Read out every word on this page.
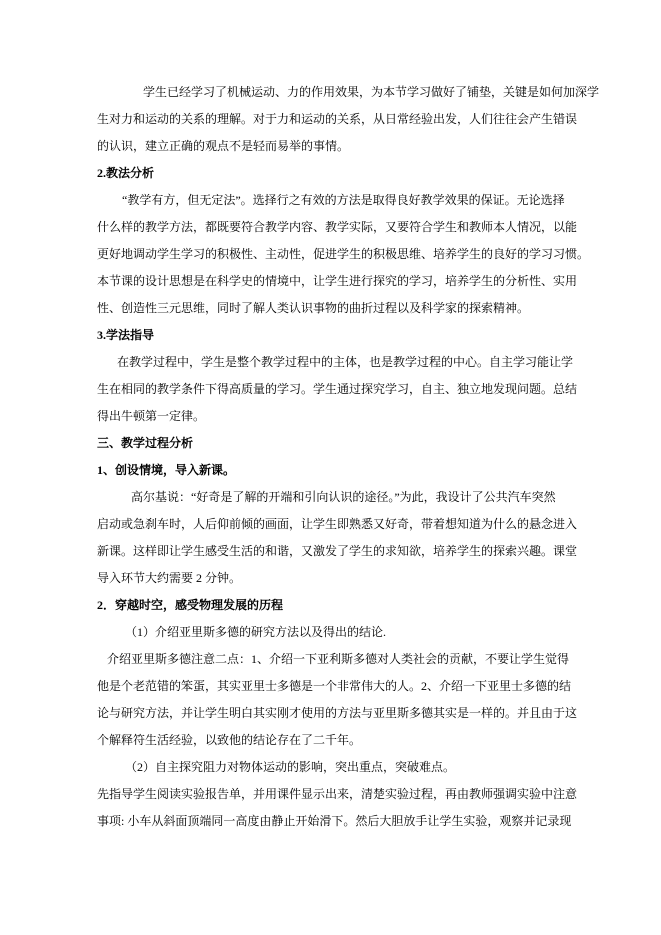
学生已经学习了机械运动、力的作用效果，为本节学习做好了铺垫，关键是如何加深学
生对力和运动的关系的理解。对于力和运动的关系，从日常经验出发，人们往往会产生错误
的认识，建立正确的观点不是轻而易举的事情。
2.教法分析
“教学有方，但无定法”。选择行之有效的方法是取得良好教学效果的保证。无论选择
什么样的教学方法，都既要符合教学内容、教学实际，又要符合学生和教师本人情况，以能
更好地调动学生学习的积极性、主动性，促进学生的积极思维、培养学生的良好的学习习惯。
本节课的设计思想是在科学史的情境中，让学生进行探究的学习，培养学生的分析性、实用
性、创造性三元思维，同时了解人类认识事物的曲折过程以及科学家的探索精神。
3.学法指导
在教学过程中，学生是整个教学过程中的主体，也是教学过程的中心。自主学习能让学
生在相同的教学条件下得高质量的学习。学生通过探究学习，自主、独立地发现问题。总结
得出牛顿第一定律。
三、教学过程分析
1、创设情境，导入新课。
高尔基说：“好奇是了解的开端和引向认识的途径。”为此，我设计了公共汽车突然
启动或急刹车时，人后仰前倾的画面，让学生即熟悉又好奇，带着想知道为什么的悬念进入
新课。这样即让学生感受生活的和谐，又激发了学生的求知欲，培养学生的探索兴趣。课堂
导入环节大约需要 2 分钟。
2．穿越时空，感受物理发展的历程
（1）介绍亚里斯多德的研究方法以及得出的结论.
介绍亚里斯多德注意二点：1、介绍一下亚利斯多德对人类社会的贡献，不要让学生觉得
他是个老范错的笨蛋，其实亚里士多德是一个非常伟大的人。2、介绍一下亚里士多德的结
论与研究方法，并让学生明白其实刚才使用的方法与亚里斯多德其实是一样的。并且由于这
个解释符生活经验，以致他的结论存在了二千年。
（2）自主探究阻力对物体运动的影响，突出重点，突破难点。
先指导学生阅读实验报告单，并用课件显示出来，清楚实验过程，再由教师强调实验中注意
事项: 小车从斜面顶端同一高度由静止开始滑下。然后大胆放手让学生实验，观察并记录现
